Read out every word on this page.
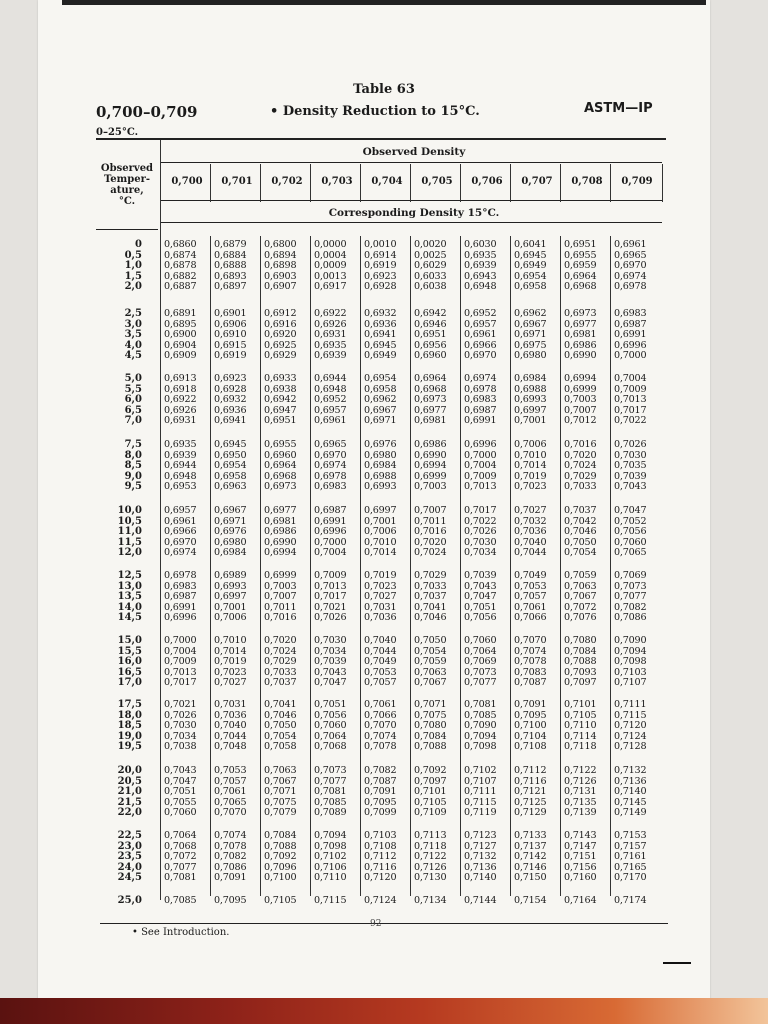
Table 63
0,700–0,709	• Density Reduction to 15°C.	ASTM—IP
0–25°C.
Observed
Temper-
ature,
°C.
Observed Density
Corresponding Density 15°C.
0,700	0,701	0,702	0,703	0,704	0,705	0,706	0,707	0,708	0,709
0 0,6860	0,6879	0,6800	0,0000	0,0010	0,0020	0,6030	0,6041	0,6951	0,6961
0,5 0,6874	0,6884	0,6894	0,0004	0,6914	0,0025	0,6935	0,6945	0,6955	0,6965
1,0 0,6878	0,6888	0,6898	0,0009	0,6919	0,6029	0,6939	0,6949	0,6959	0,6970
1,5 0,6882	0,6893	0,6903	0,0013	0,6923	0,6033	0,6943	0,6954	0,6964	0,6974
2,0 0,6887	0,6897	0,6907	0,6917	0,6928	0,6038	0,6948	0,6958	0,6968	0,6978
2,5 0,6891	0,6901	0,6912	0,6922	0,6932	0,6942	0,6952	0,6962	0,6973	0,6983
3,0 0,6895	0,6906	0,6916	0,6926	0,6936	0,6946	0,6957	0,6967	0,6977	0,6987
3,5 0,6900	0,6910	0,6920	0,6931	0,6941	0,6951	0,6961	0,6971	0,6981	0,6991
4,0 0,6904	0,6915	0,6925	0,6935	0,6945	0,6956	0,6966	0,6975	0,6986	0,6996
4,5 0,6909	0,6919	0,6929	0,6939	0,6949	0,6960	0,6970	0,6980	0,6990	0,7000
5,0 0,6913	0,6923	0,6933	0,6944	0,6954	0,6964	0,6974	0,6984	0,6994	0,7004
5,5 0,6918	0,6928	0,6938	0,6948	0,6958	0,6968	0,6978	0,6988	0,6999	0,7009
6,0 0,6922	0,6932	0,6942	0,6952	0,6962	0,6973	0,6983	0,6993	0,7003	0,7013
6,5 0,6926	0,6936	0,6947	0,6957	0,6967	0,6977	0,6987	0,6997	0,7007	0,7017
7,0 0,6931	0,6941	0,6951	0,6961	0,6971	0,6981	0,6991	0,7001	0,7012	0,7022
7,5 0,6935	0,6945	0,6955	0,6965	0,6976	0,6986	0,6996	0,7006	0,7016	0,7026
8,0 0,6939	0,6950	0,6960	0,6970	0,6980	0,6990	0,7000	0,7010	0,7020	0,7030
8,5 0,6944	0,6954	0,6964	0,6974	0,6984	0,6994	0,7004	0,7014	0,7024	0,7035
9,0 0,6948	0,6958	0,6968	0,6978	0,6988	0,6999	0,7009	0,7019	0,7029	0,7039
9,5 0,6953	0,6963	0,6973	0,6983	0,6993	0,7003	0,7013	0,7023	0,7033	0,7043
10,0 0,6957	0,6967	0,6977	0,6987	0,6997	0,7007	0,7017	0,7027	0,7037	0,7047
10,5 0,6961	0,6971	0,6981	0,6991	0,7001	0,7011	0,7022	0,7032	0,7042	0,7052
11,0 0,6966	0,6976	0,6986	0,6996	0,7006	0,7016	0,7026	0,7036	0,7046	0,7056
11,5 0,6970	0,6980	0,6990	0,7000	0,7010	0,7020	0,7030	0,7040	0,7050	0,7060
12,0 0,6974	0,6984	0,6994	0,7004	0,7014	0,7024	0,7034	0,7044	0,7054	0,7065
12,5 0,6978	0,6989	0,6999	0,7009	0,7019	0,7029	0,7039	0,7049	0,7059	0,7069
13,0 0,6983	0,6993	0,7003	0,7013	0,7023	0,7033	0,7043	0,7053	0,7063	0,7073
13,5 0,6987	0,6997	0,7007	0,7017	0,7027	0,7037	0,7047	0,7057	0,7067	0,7077
14,0 0,6991	0,7001	0,7011	0,7021	0,7031	0,7041	0,7051	0,7061	0,7072	0,7082
14,5 0,6996	0,7006	0,7016	0,7026	0,7036	0,7046	0,7056	0,7066	0,7076	0,7086
15,0 0,7000	0,7010	0,7020	0,7030	0,7040	0,7050	0,7060	0,7070	0,7080	0,7090
15,5 0,7004	0,7014	0,7024	0,7034	0,7044	0,7054	0,7064	0,7074	0,7084	0,7094
16,0 0,7009	0,7019	0,7029	0,7039	0,7049	0,7059	0,7069	0,7078	0,7088	0,7098
16,5 0,7013	0,7023	0,7033	0,7043	0,7053	0,7063	0,7073	0,7083	0,7093	0,7103
17,0 0,7017	0,7027	0,7037	0,7047	0,7057	0,7067	0,7077	0,7087	0,7097	0,7107
17,5 0,7021	0,7031	0,7041	0,7051	0,7061	0,7071	0,7081	0,7091	0,7101	0,7111
18,0 0,7026	0,7036	0,7046	0,7056	0,7066	0,7075	0,7085	0,7095	0,7105	0,7115
18,5 0,7030	0,7040	0,7050	0,7060	0,7070	0,7080	0,7090	0,7100	0,7110	0,7120
19,0 0,7034	0,7044	0,7054	0,7064	0,7074	0,7084	0,7094	0,7104	0,7114	0,7124
19,5 0,7038	0,7048	0,7058	0,7068	0,7078	0,7088	0,7098	0,7108	0,7118	0,7128
20,0 0,7043	0,7053	0,7063	0,7073	0,7082	0,7092	0,7102	0,7112	0,7122	0,7132
20,5 0,7047	0,7057	0,7067	0,7077	0,7087	0,7097	0,7107	0,7116	0,7126	0,7136
21,0 0,7051	0,7061	0,7071	0,7081	0,7091	0,7101	0,7111	0,7121	0,7131	0,7140
21,5 0,7055	0,7065	0,7075	0,7085	0,7095	0,7105	0,7115	0,7125	0,7135	0,7145
22,0 0,7060	0,7070	0,7079	0,7089	0,7099	0,7109	0,7119	0,7129	0,7139	0,7149
22,5 0,7064	0,7074	0,7084	0,7094	0,7103	0,7113	0,7123	0,7133	0,7143	0,7153
23,0 0,7068	0,7078	0,7088	0,7098	0,7108	0,7118	0,7127	0,7137	0,7147	0,7157
23,5 0,7072	0,7082	0,7092	0,7102	0,7112	0,7122	0,7132	0,7142	0,7151	0,7161
24,0 0,7077	0,7086	0,7096	0,7106	0,7116	0,7126	0,7136	0,7146	0,7156	0,7165
24,5 0,7081	0,7091	0,7100	0,7110	0,7120	0,7130	0,7140	0,7150	0,7160	0,7170
25,0 0,7085	0,7095	0,7105	0,7115	0,7124	0,7134	0,7144	0,7154	0,7164	0,7174
• See Introduction.
92
